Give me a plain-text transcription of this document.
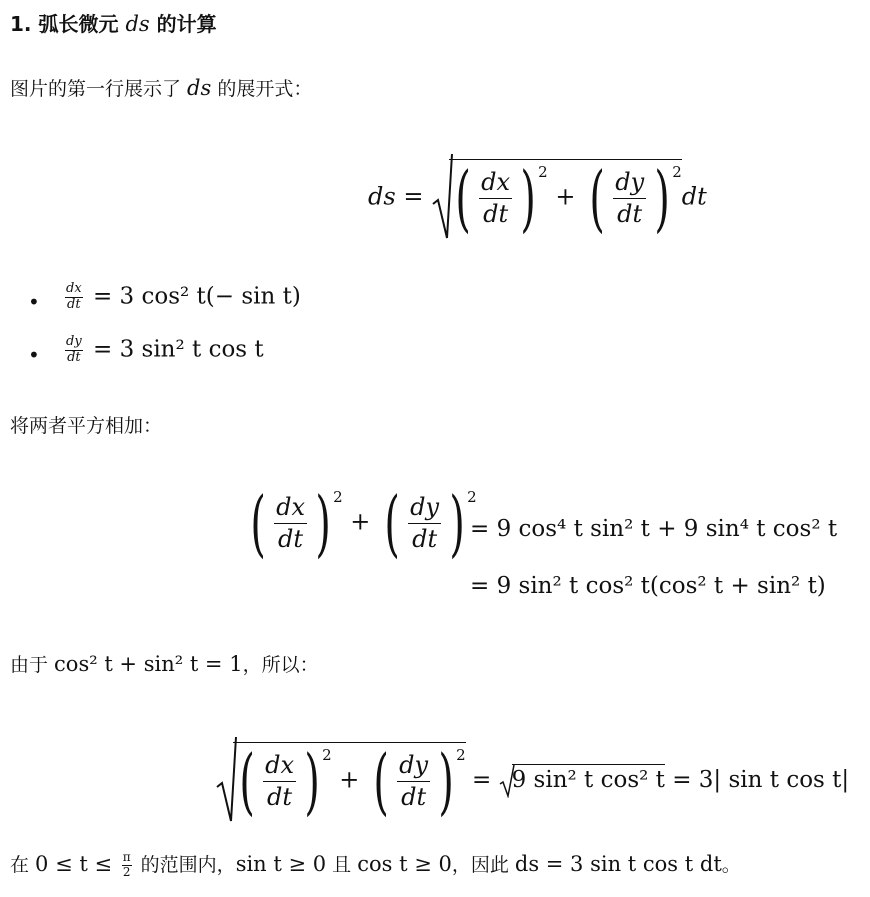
1. 弧长微元 ds 的计算
图片的第一行展示了 ds 的展开式：
ds = ( $\frac{dx}{dt}$ ) $^2$ + ( $\frac{dy}{dt}$ ) $^2$dt
• $\frac{dx}{dt} = 3$ cos² t(− sin t)
• $\frac{dy}{dt} = 3$ sin² t cos t
将两者平方相加：
( $\frac{dx}{dt}$ ) $^2$ + ( $\frac{dy}{dt}$ ) $^2$
= 9 cos⁴ t sin² t + 9 sin⁴ t cos² t
= 9 sin² t cos² t(cos² t + sin² t)
由于 cos² t + sin² t = 1，所以：
( $\frac{dx}{dt}$ ) $^2$ + ( $\frac{dy}{dt}$ ) $^2$
= 9 sin² t cos² t = 3| sin t cos t|
在 $0 \le t \le \frac{\pi}{2}$ 的范围内，sin t ≥ 0 且 cos t ≥ 0，因此 ds = 3 sin t cos t dt。
